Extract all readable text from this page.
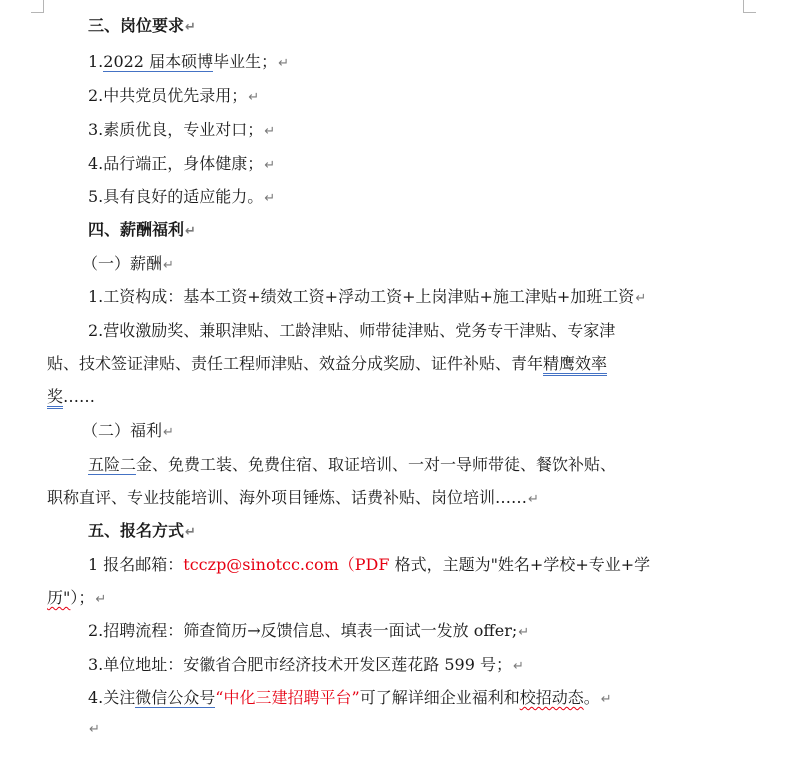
三、岗位要求↵
1.2022 届本硕博毕业生；↵
2.中共党员优先录用；↵
3.素质优良，专业对口；↵
4.品行端正，身体健康；↵
5.具有良好的适应能力。↵
四、薪酬福利↵
（一）薪酬↵
1.工资构成：基本工资+绩效工资+浮动工资+上岗津贴+施工津贴+加班工资↵
2.营收激励奖、兼职津贴、工龄津贴、师带徒津贴、党务专干津贴、专家津
贴、技术签证津贴、责任工程师津贴、效益分成奖励、证件补贴、青年精鹰效率
奖……
（二）福利↵
五险二金、免费工装、免费住宿、取证培训、一对一导师带徒、餐饮补贴、
职称直评、专业技能培训、海外项目锤炼、话费补贴、岗位培训……↵
五、报名方式↵
1 报名邮箱：tcczp@sinotcc.com（PDF 格式，主题为"姓名+学校+专业+学
历"）；↵
2.招聘流程：筛查简历→反馈信息、填表一面试一发放 offer;↵
3.单位地址：安徽省合肥市经济技术开发区莲花路 599 号；↵
4.关注微信公众号“中化三建招聘平台”可了解详细企业福利和校招动态。↵
↵
